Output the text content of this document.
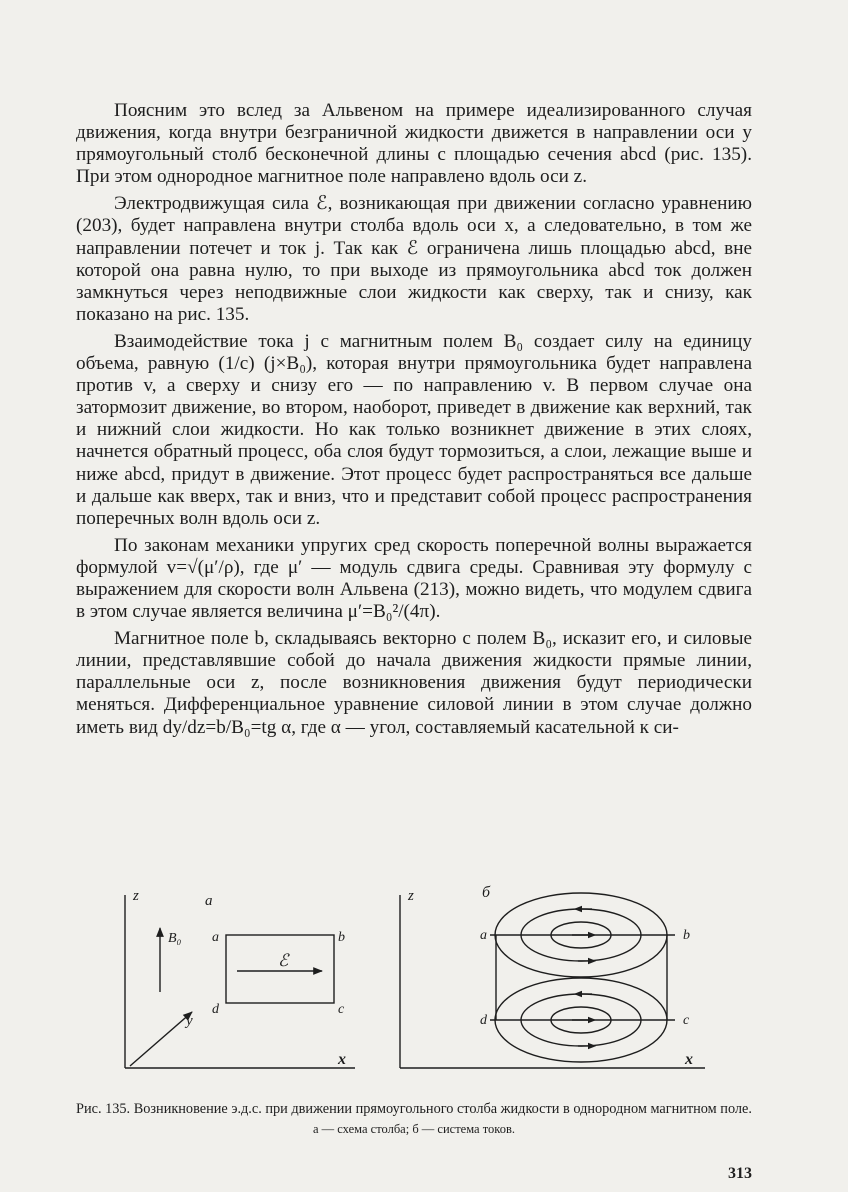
Поясним это вслед за Альвеном на примере идеализированного случая движения, когда внутри безграничной жидкости движется в направлении оси y прямоугольный столб бесконечной длины с площадью сечения abcd (рис. 135). При этом однородное магнитное поле направлено вдоль оси z.

Электродвижущая сила ℰ, возникающая при движении согласно уравнению (203), будет направлена внутри столба вдоль оси x, а следовательно, в том же направлении потечет и ток j. Так как ℰ ограничена лишь площадью abcd, вне которой она равна нулю, то при выходе из прямоугольника abcd ток должен замкнуться через неподвижные слои жидкости как сверху, так и снизу, как показано на рис. 135.

Взаимодействие тока j с магнитным полем B₀ создает силу на единицу объема, равную (1/c) (j×B₀), которая внутри прямоугольника будет направлена против v, а сверху и снизу его — по направлению v. В первом случае она затормозит движение, во втором, наоборот, приведет в движение как верхний, так и нижний слои жидкости. Но как только возникнет движение в этих слоях, начнется обратный процесс, оба слоя будут тормозиться, а слои, лежащие выше и ниже abcd, придут в движение. Этот процесс будет распространяться все дальше и дальше как вверх, так и вниз, что и представит собой процесс распространения поперечных волн вдоль оси z.

По законам механики упругих сред скорость поперечной волны выражается формулой v=√(μ′/ρ), где μ′ — модуль сдвига среды. Сравнивая эту формулу с выражением для скорости волн Альвена (213), можно видеть, что модулем сдвига в этом случае является величина μ′=B₀²/(4π).

Магнитное поле b, складываясь векторно с полем B₀, исказит его, и силовые линии, представлявшие собой до начала движения жидкости прямые линии, параллельные оси z, после возникновения движения будут периодически меняться. Дифференциальное уравнение силовой линии в этом случае должно иметь вид dy/dz=b/B₀=tg α, где α — угол, составляемый касательной к си-

z
x
y
а
B₀
ℰ
a	b
c
d
z
x
б
a	b
c
d
Рис. 135. Возникновение э.д.с. при движении прямоугольного столба жидкости в однородном магнитном поле.
а — схема столба; б — система токов.
313
